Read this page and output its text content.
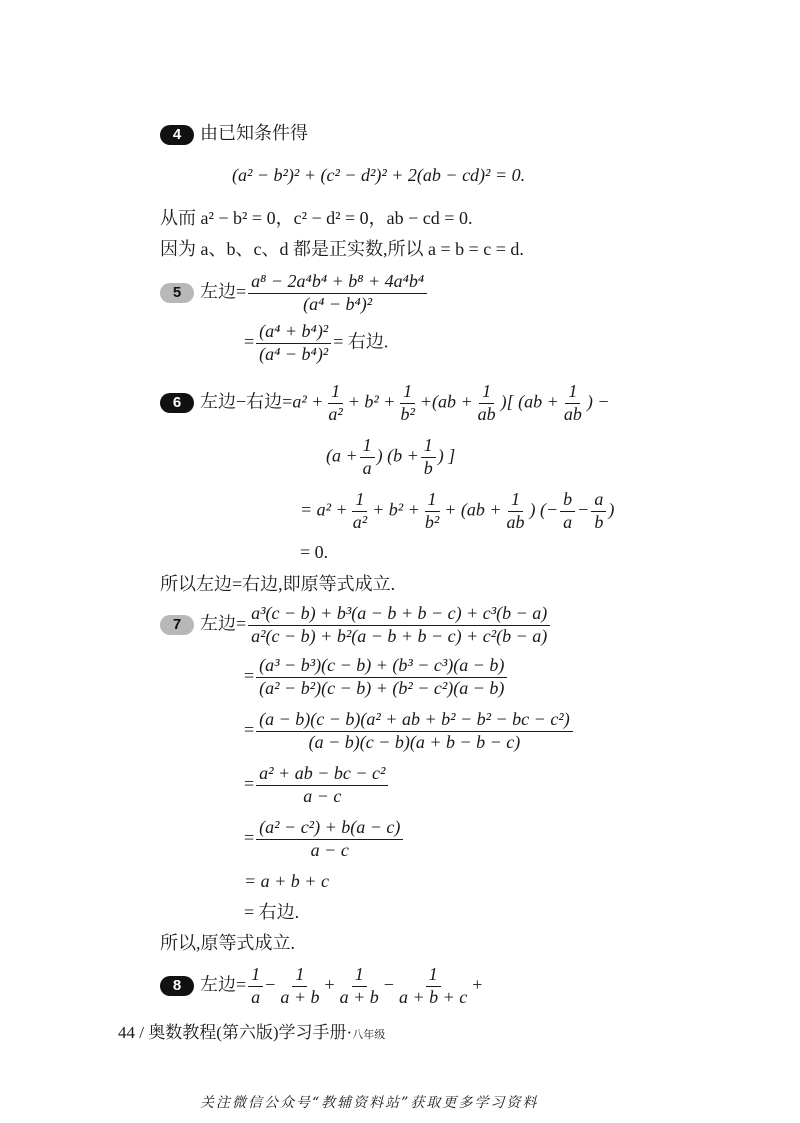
4 由已知条件得
(a² − b²)² + (c² − d²)² + 2(ab − cd)² = 0.
从而 a² − b² = 0，c² − d² = 0，ab − cd = 0.
因为 a、b、c、d 都是正实数,所以 a = b = c = d.
5 左边= $\frac{\text{a⁸ − 2a⁴b⁴ + b⁸ + 4a⁴b⁴}}{\text{(a⁴ − b⁴)²}}$
= $\frac{\text{(a⁴ + b⁴)²}}{\text{(a⁴ − b⁴)²}}$ = 右边.
6 左边−右边$=a^2 + \frac{1}{\text{a²}} + b^2 + \frac{1}{\text{b²}} +(ab + \frac{1}{ab}$ )[ ($ab + \frac{1}{ab}$ ) −
($a + \frac{1}{a}$ ) ($b + \frac{1}{b}$ ) ]
= $a^2 + \frac{1}{\text{a²}} + b^2 + \frac{1}{\text{b²}} + (ab + \frac{1}{ab}$ ) (− $\frac{b}{a} - \frac{a}{b}$ )
= 0.
所以左边=右边,即原等式成立.
7 左边= $\frac{\text{a³(c − b) + b³(a − b + b − c) + c³(b − a)}}{\text{a²(c − b) + b²(a − b + b − c) + c²(b − a)}}$
= $\frac{\text{(a³ − b³)(c − b) + (b³ − c³)(a − b)}}{\text{(a² − b²)(c − b) + (b² − c²)(a − b)}}$
= $\frac{\text{(a − b)(c − b)(a² + ab + b² − b² − bc − c²)}}{(a - b)(c - b)(a + b - b - c)}$
= $\frac{\text{a² + ab − bc − c²}}{a - c}$
= $\frac{\text{(a² − c²) + b(a − c)}}{a - c}$
= a + b + c
= 右边.
所以,原等式成立.
8 左边= $\frac{1}{a} - \frac{1}{a + b} + \frac{1}{a + b} - \frac{1}{a + b + c}$ +
44 / 奥数教程(第六版)学习手册·八年级
关注微信公众号“教辅资料站”获取更多学习资料
